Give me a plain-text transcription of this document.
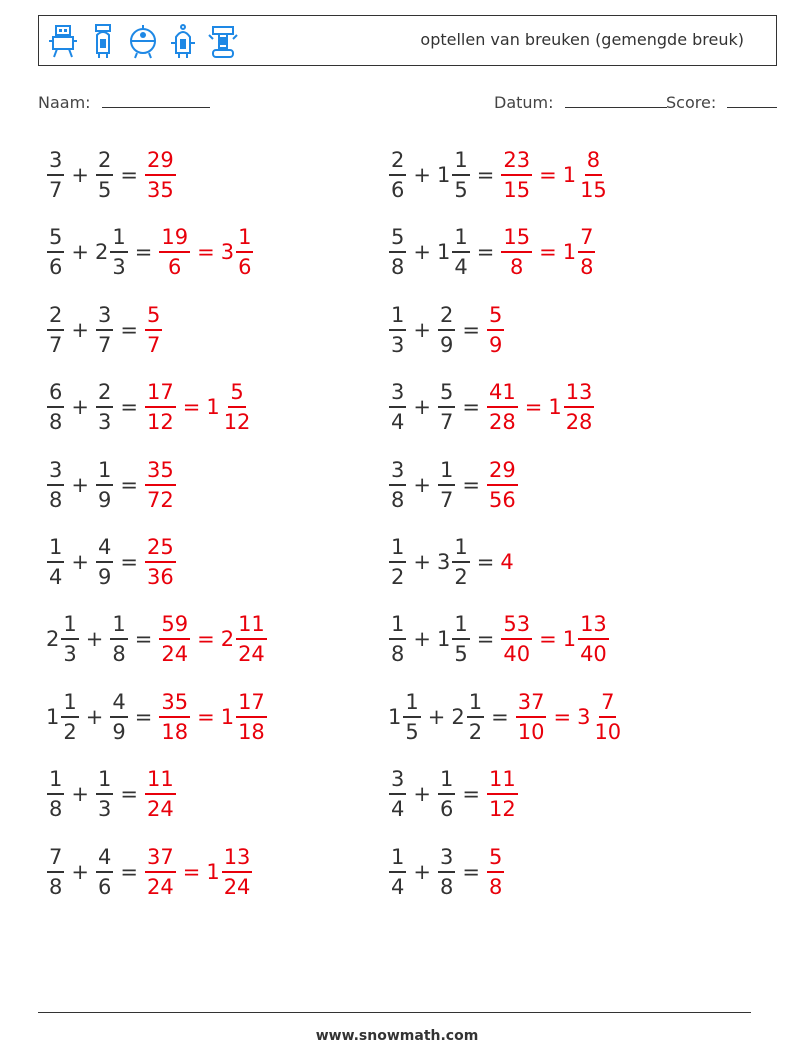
optellen van breuken (gemengde breuk)
Naam:	Datum:	Score:
$\frac{3}{7} + \frac{2}{5} = \frac{29}{35}$	$\frac{2}{6} + 1 \frac{1}{5} = \frac{23}{15} = 1 \frac{8}{15}$
$\frac{5}{6} + 2 \frac{1}{3} = \frac{19}{6} = 3 \frac{1}{6}$	$\frac{5}{8} + 1 \frac{1}{4} = \frac{15}{8} = 1 \frac{7}{8}$
$\frac{2}{7} + \frac{3}{7} = \frac{5}{7}$	$\frac{1}{3} + \frac{2}{9} = \frac{5}{9}$
$\frac{6}{8} + \frac{2}{3} = \frac{17}{12} = 1 \frac{5}{12}$	$\frac{3}{4} + \frac{5}{7} = \frac{41}{28} = 1 \frac{13}{28}$
$\frac{3}{8} + \frac{1}{9} = \frac{35}{72}$	$\frac{3}{8} + \frac{1}{7} = \frac{29}{56}$
$\frac{1}{4} + \frac{4}{9} = \frac{25}{36}$	$\frac{1}{2} + 3 \frac{1}{2} = 4$
$2 \frac{1}{3} + \frac{1}{8} = \frac{59}{24} = 2 \frac{11}{24}$	$\frac{1}{8} + 1 \frac{1}{5} = \frac{53}{40} = 1 \frac{13}{40}$
$1 \frac{1}{2} + \frac{4}{9} = \frac{35}{18} = 1 \frac{17}{18}$	$1 \frac{1}{5} + 2 \frac{1}{2} = \frac{37}{10} = 3 \frac{7}{10}$
$\frac{1}{8} + \frac{1}{3} = \frac{11}{24}$	$\frac{3}{4} + \frac{1}{6} = \frac{11}{12}$
$\frac{7}{8} + \frac{4}{6} = \frac{37}{24} = 1 \frac{13}{24}$	$\frac{1}{4} + \frac{3}{8} = \frac{5}{8}$
www.snowmath.com
